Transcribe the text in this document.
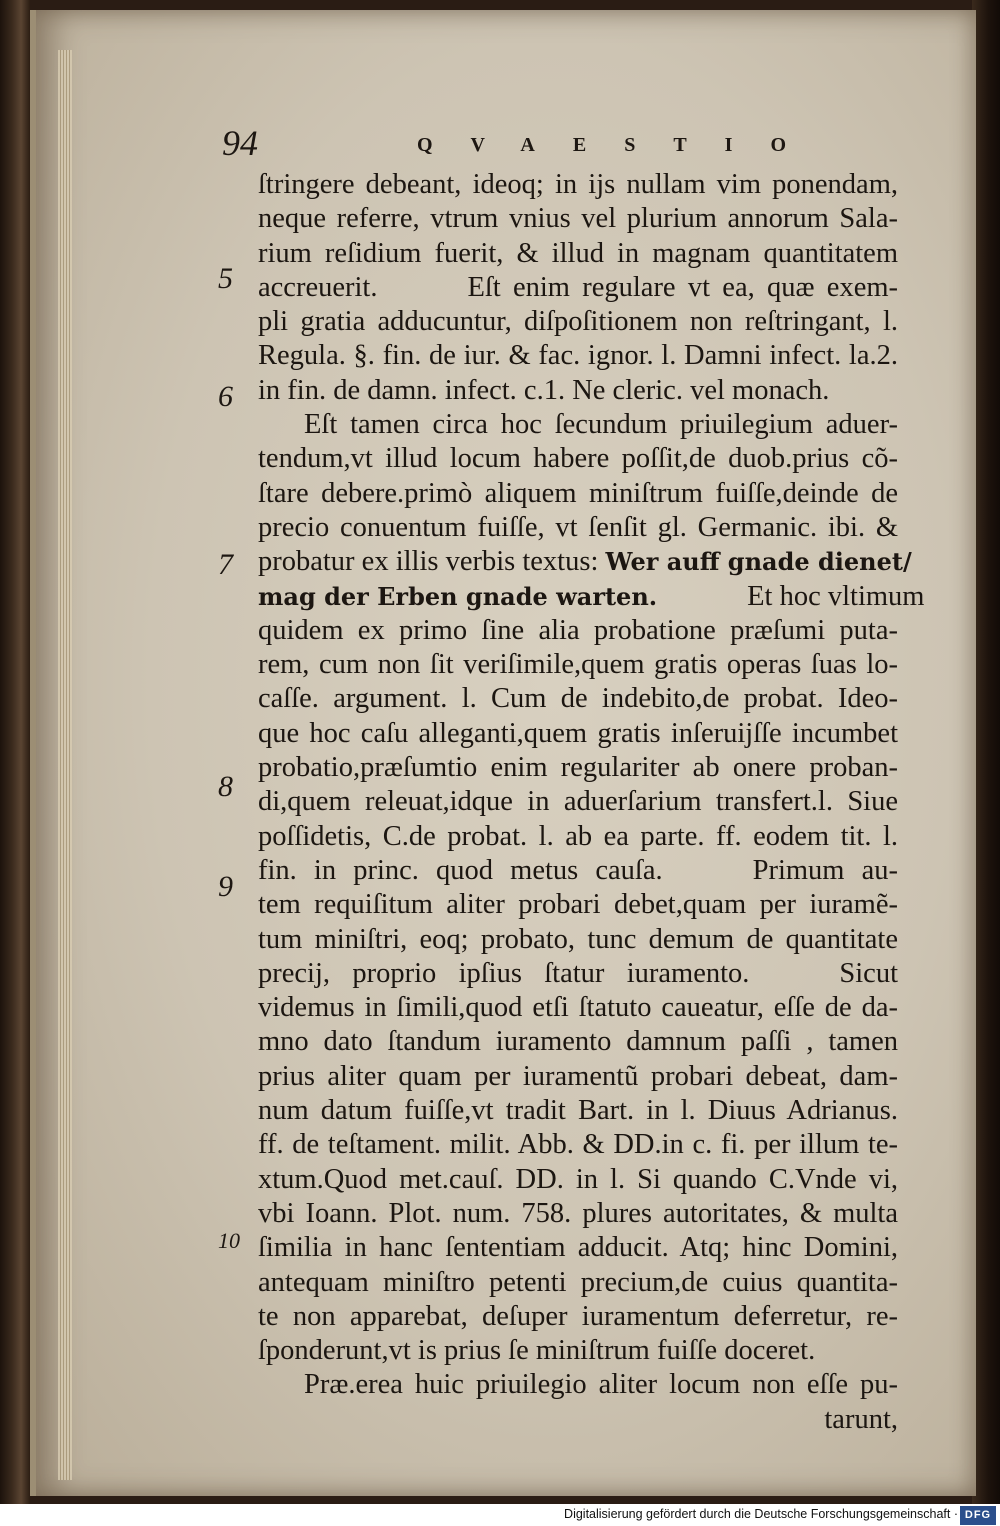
94	QVAESTIO
5
6
7
8
9
10
ſtringere debeant, ideoq; in ijs nullam vim ponendam,
neque referre, vtrum vnius vel plurium annorum Sala-
rium reſidium fuerit, & illud in magnam quantitatem
accreuerit.	Eſt enim regulare vt ea, quæ exem-
pli gratia adducuntur, diſpoſitionem non reſtringant, l.
Regula. §. fin. de iur. & fac. ignor. l. Damni infect. la.2.
in fin. de damn. infect. c.1. Ne cleric. vel monach.
Eſt tamen circa hoc ſecundum priuilegium aduer-
tendum,vt illud locum habere poſſit,de duob.prius cõ-
ſtare debere.primò aliquem miniſtrum fuiſſe,deinde de
precio conuentum fuiſſe, vt ſenſit gl. Germanic. ibi. &
probatur ex illis verbis textus: Wer auff gnade dienet/
mag der Erben gnade warten.	Et hoc vltimum
quidem ex primo ſine alia probatione præſumi puta-
rem, cum non ſit veriſimile,quem gratis operas ſuas lo-
caſſe. argument. l. Cum de indebito,de probat. Ideo-
que hoc caſu alleganti,quem gratis inſeruijſſe incumbet
probatio,præſumtio enim regulariter ab onere proban-
di,quem releuat,idque in aduerſarium transfert.l. Siue
poſſidetis, C.de probat. l. ab ea parte. ff. eodem tit. l.
fin. in princ. quod metus cauſa.	Primum au-
tem requiſitum aliter probari debet,quam per iuramẽ-
tum miniſtri, eoq; probato, tunc demum de quantitate
precij, proprio ipſius ſtatur iuramento.	Sicut
videmus in ſimili,quod etſi ſtatuto caueatur, eſſe de da-
mno dato ſtandum iuramento damnum paſſi , tamen
prius aliter quam per iuramentũ probari debeat, dam-
num datum fuiſſe,vt tradit Bart. in l. Diuus Adrianus.
ff. de teſtament. milit. Abb. & DD.in c. fi. per illum te-
xtum.Quod met.cauſ. DD. in l. Si quando C.Vnde vi,
vbi Ioann. Plot. num. 758. plures autoritates, & multa
ſimilia in hanc ſententiam adducit. Atq; hinc Domini,
antequam miniſtro petenti precium,de cuius quantita-
te non apparebat, deſuper iuramentum deferretur, re-
ſponderunt,vt is prius ſe miniſtrum fuiſſe doceret.
Præ.erea huic priuilegio aliter locum non eſſe pu-
tarunt,
Digitalisierung gefördert durch die Deutsche Forschungsgemeinschaft · DFG
